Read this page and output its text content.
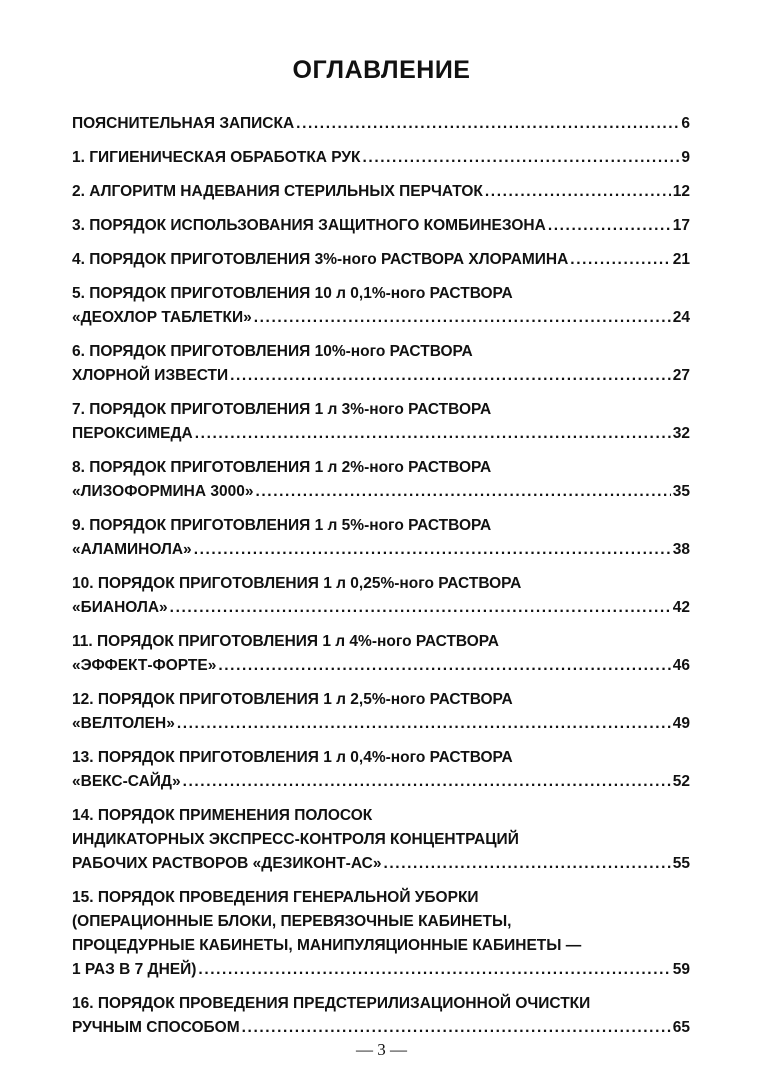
ОГЛАВЛЕНИЕ
ПОЯСНИТЕЛЬНАЯ ЗАПИСКА .....	6
1. ГИГИЕНИЧЕСКАЯ ОБРАБОТКА РУК .....	9
2. АЛГОРИТМ НАДЕВАНИЯ СТЕРИЛЬНЫХ ПЕРЧАТОК .....	12
3. ПОРЯДОК ИСПОЛЬЗОВАНИЯ ЗАЩИТНОГО КОМБИНЕЗОНА .....	17
4. ПОРЯДОК ПРИГОТОВЛЕНИЯ 3%-ного РАСТВОРА ХЛОРАМИНА .....	21
5. ПОРЯДОК ПРИГОТОВЛЕНИЯ 10 л 0,1%-ного РАСТВОРА
«ДЕОХЛОР ТАБЛЕТКИ» .....	24
6. ПОРЯДОК ПРИГОТОВЛЕНИЯ 10%-ного РАСТВОРА
ХЛОРНОЙ ИЗВЕСТИ .....	27
7. ПОРЯДОК ПРИГОТОВЛЕНИЯ 1 л 3%-ного РАСТВОРА
ПЕРОКСИМЕДА .....	32
8. ПОРЯДОК ПРИГОТОВЛЕНИЯ 1 л 2%-ного РАСТВОРА
«ЛИЗОФОРМИНА 3000» .....	35
9. ПОРЯДОК ПРИГОТОВЛЕНИЯ 1 л 5%-ного РАСТВОРА
«АЛАМИНОЛА» .....	38
10. ПОРЯДОК ПРИГОТОВЛЕНИЯ 1 л 0,25%-ного РАСТВОРА
«БИАНОЛА» .....	42
11. ПОРЯДОК ПРИГОТОВЛЕНИЯ 1 л 4%-ного РАСТВОРА
«ЭФФЕКТ-ФОРТЕ» .....	46
12. ПОРЯДОК ПРИГОТОВЛЕНИЯ 1 л 2,5%-ного РАСТВОРА
«ВЕЛТОЛЕН» .....	49
13. ПОРЯДОК ПРИГОТОВЛЕНИЯ 1 л 0,4%-ного РАСТВОРА
«ВЕКС-САЙД» .....	52
14. ПОРЯДОК ПРИМЕНЕНИЯ ПОЛОСОК
ИНДИКАТОРНЫХ ЭКСПРЕСС-КОНТРОЛЯ КОНЦЕНТРАЦИЙ
РАБОЧИХ РАСТВОРОВ «ДЕЗИКОНТ-АС» .....	55
15. ПОРЯДОК ПРОВЕДЕНИЯ ГЕНЕРАЛЬНОЙ УБОРКИ
(ОПЕРАЦИОННЫЕ БЛОКИ, ПЕРЕВЯЗОЧНЫЕ КАБИНЕТЫ,
ПРОЦЕДУРНЫЕ КАБИНЕТЫ, МАНИПУЛЯЦИОННЫЕ КАБИНЕТЫ —
1 РАЗ В 7 ДНЕЙ) .....	59
16. ПОРЯДОК ПРОВЕДЕНИЯ ПРЕДСТЕРИЛИЗАЦИОННОЙ ОЧИСТКИ
РУЧНЫМ СПОСОБОМ .....	65
— 3 —
